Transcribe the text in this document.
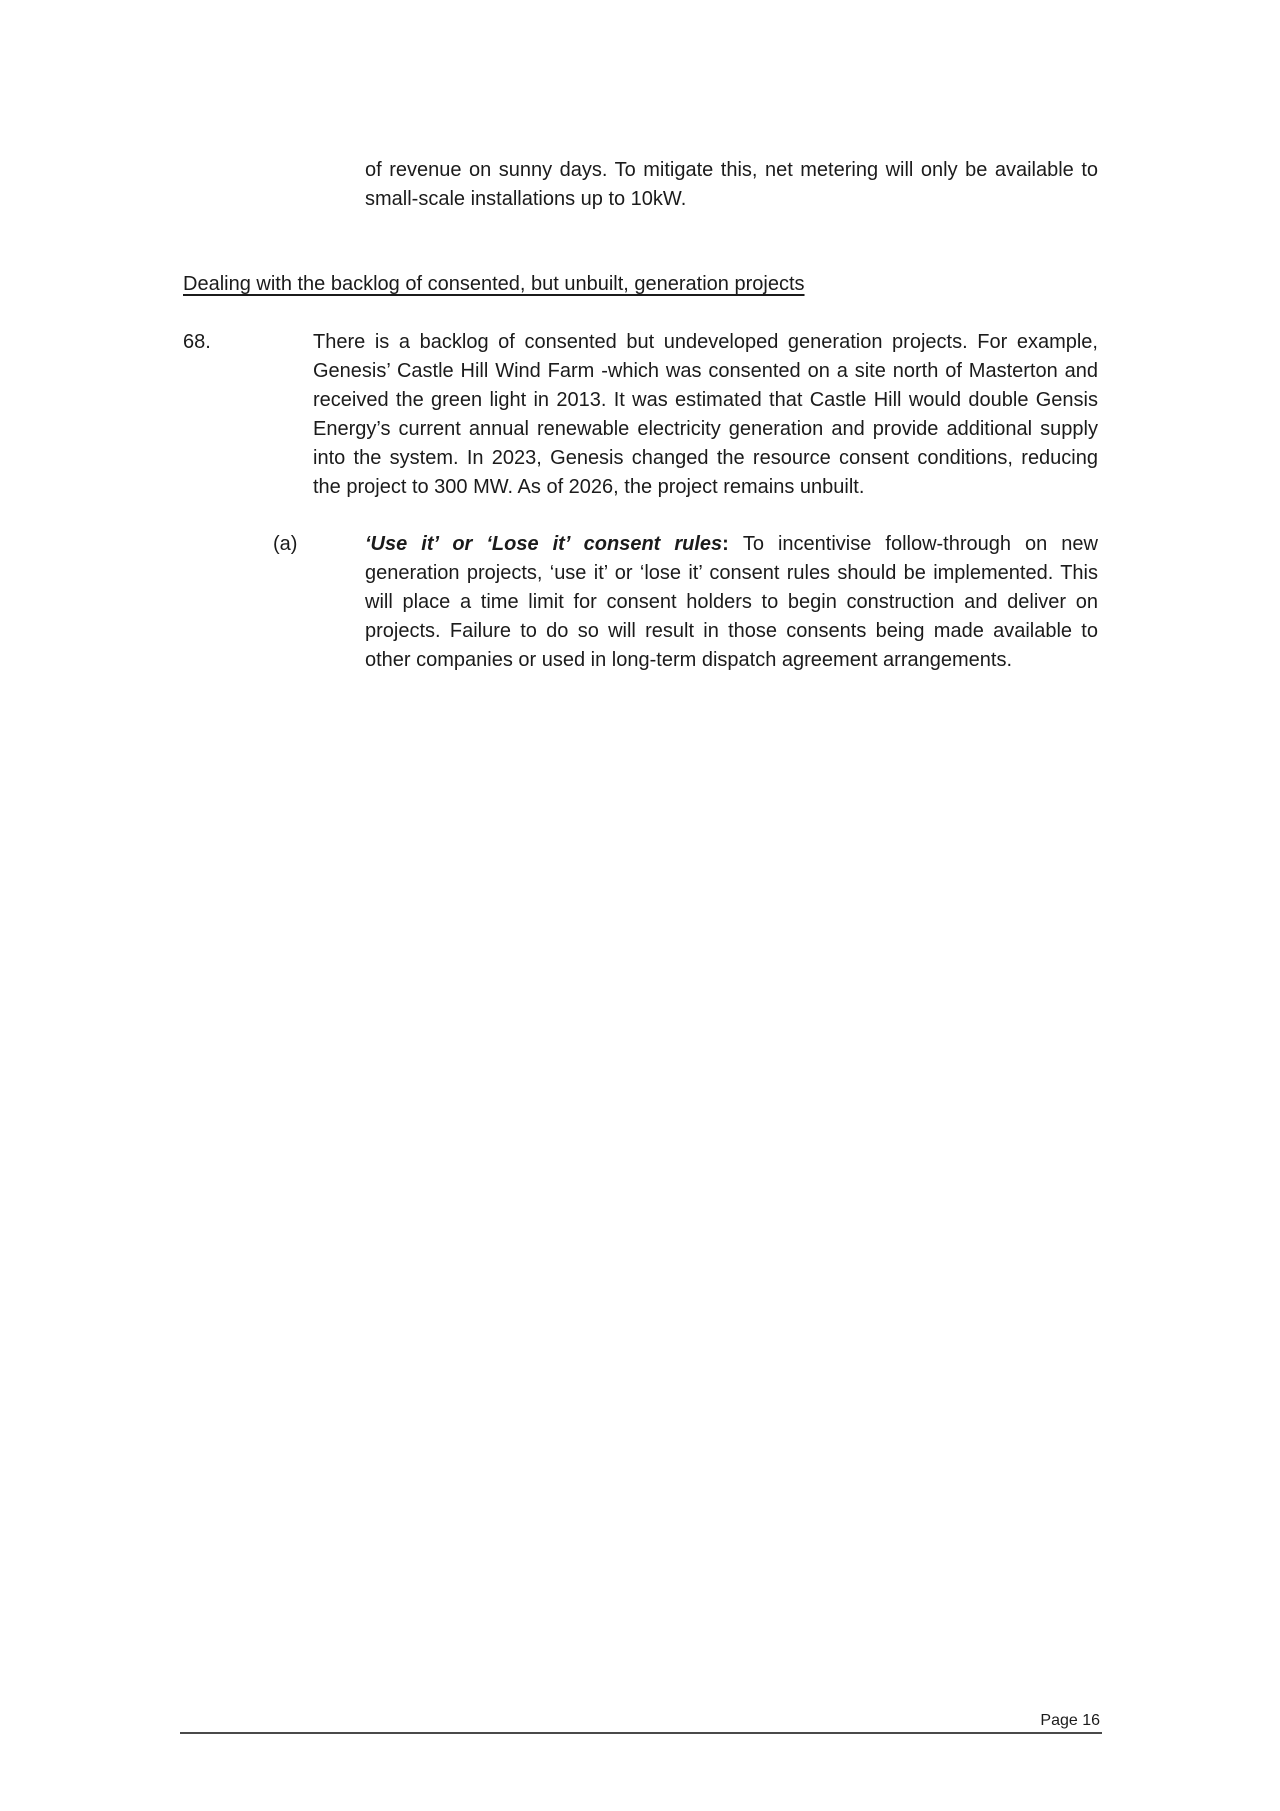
of revenue on sunny days. To mitigate this, net metering will only be available to small-scale installations up to 10kW.

Dealing with the backlog of consented, but unbuilt, generation projects
68.	There is a backlog of consented but undeveloped generation projects. For example, Genesis’ Castle Hill Wind Farm -which was consented on a site north of Masterton and received the green light in 2013. It was estimated that Castle Hill would double Gensis Energy’s current annual renewable electricity generation and provide additional supply into the system. In 2023, Genesis changed the resource consent conditions, reducing the project to 300 MW. As of 2026, the project remains unbuilt.

(a)	‘Use it’ or ‘Lose it’ consent rules: To incentivise follow-through on new generation projects, ‘use it’ or ‘lose it’ consent rules should be implemented. This will place a time limit for consent holders to begin construction and deliver on projects. Failure to do so will result in those consents being made available to other companies or used in long-term dispatch agreement arrangements.

Page 16
